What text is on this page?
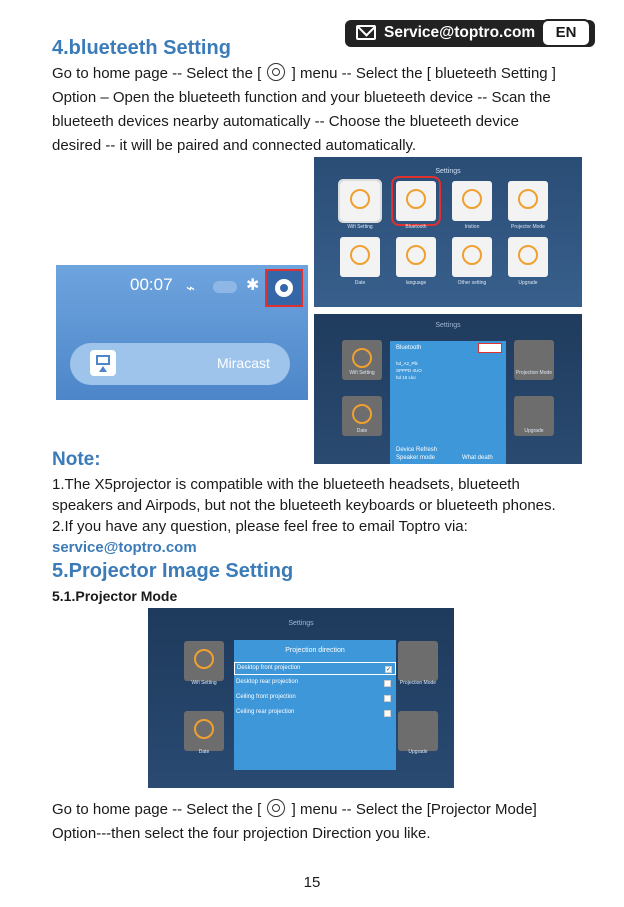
Service@toptro.com	EN
4.blueteeth Setting
Go to home page -- Select the [ ] menu -- Select the [ blueteeth Setting ]
Option – Open the blueteeth function and your blueteeth device -- Scan the
blueteeth devices nearby automatically -- Choose the blueteeth device
desired -- it will be paired and connected automatically.
00:07 ⌁	✱
Miracast
Settings
Wifi Setting	Bluetooth	Iristion	Projector Mode
Date	language	Other setting	Upgrade
Settings
Wifi Setting
Date
Projection Mode
Upgrade
Bluetooth
hd_A2_Plk
SPPPD 4UO
hd 15 Lko
Device Refresh
Speaker mode	What death
Note:
1.The X5projector is compatible with the blueteeth headsets, blueteeth
speakers and Airpods, but not the blueteeth keyboards or blueteeth phones.
2.If you have any question, please feel free to email Toptro via:
service@toptro.com
5.Projector Image Setting
5.1.Projector Mode
Settings
Wifi Setting
Date
Projection Mode
Upgrade
Projection direction
Desktop front projection	✓
Desktop rear projection
Ceiling front projection
Ceiling rear projection
Go to home page -- Select the [ ] menu -- Select the [Projector Mode]
Option---then select the four projection Direction you like.
15
